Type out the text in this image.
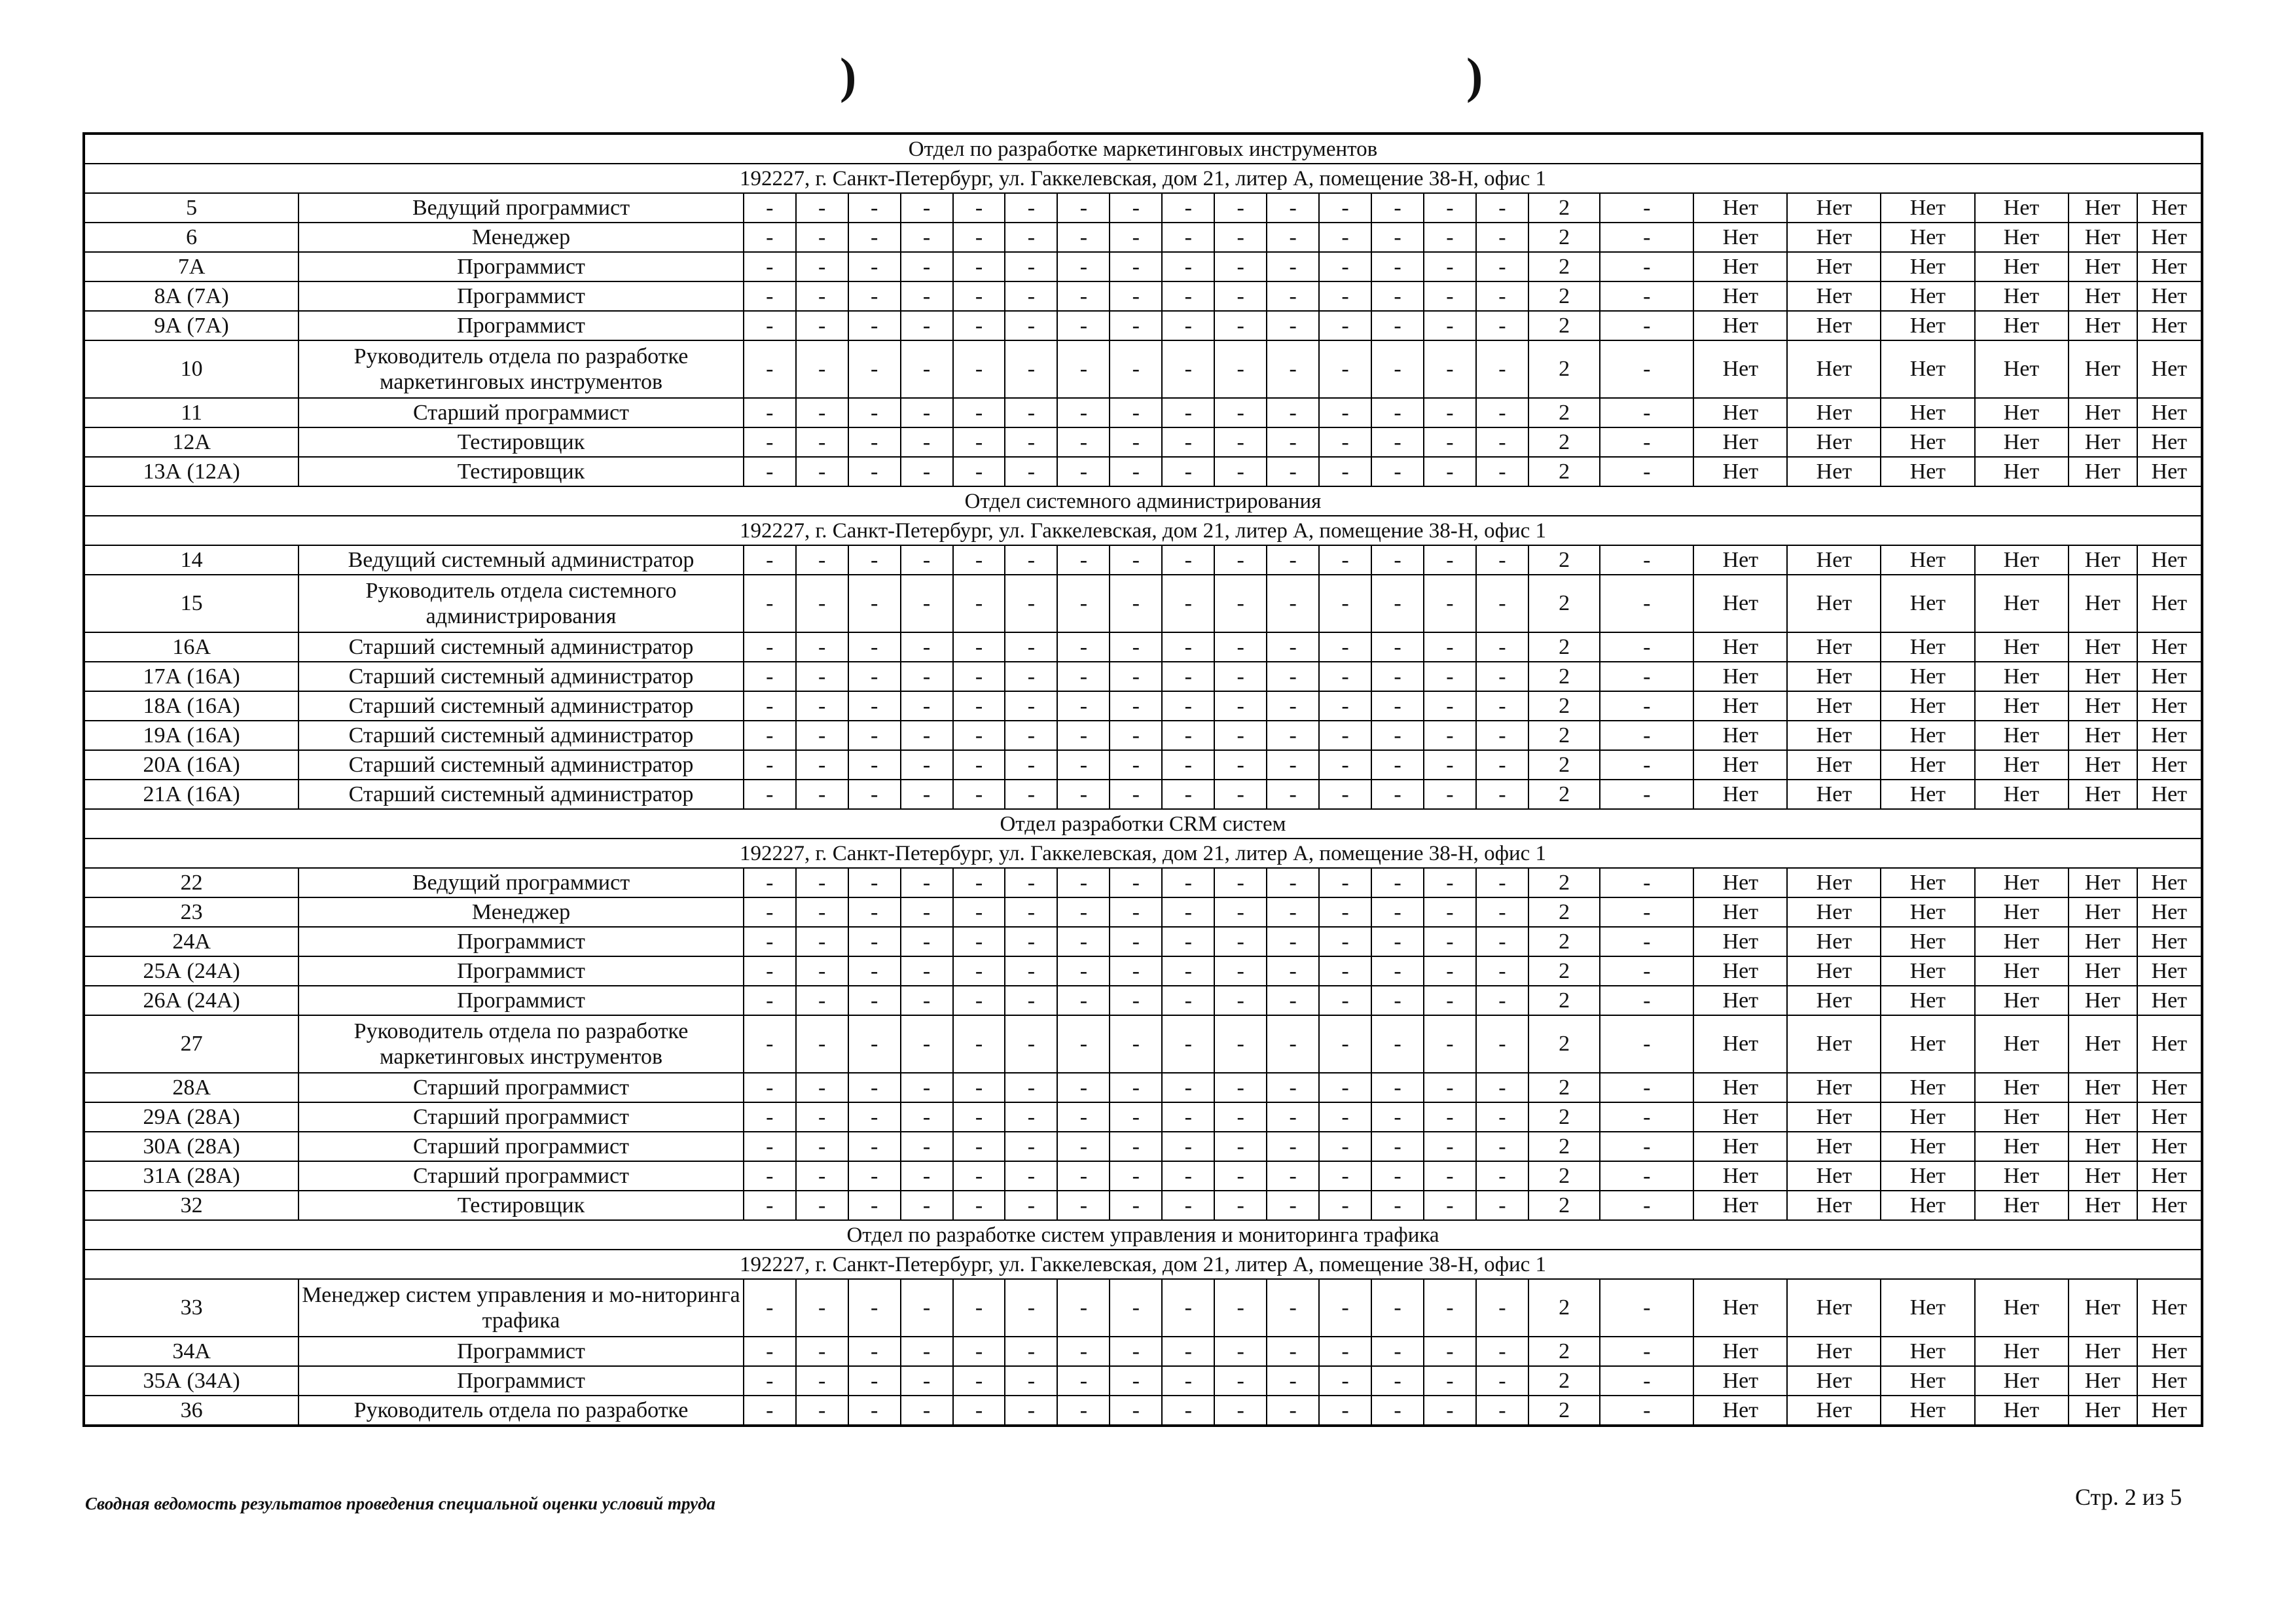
)	)
Отдел по разработке маркетинговых инструментов																								
192227, г. Санкт-Петербург, ул. Гаккелевская, дом 21, литер А, помещение 38-Н, офис 1																								
5	Ведущий программист	-	-	-	-	-	-	-	-	-	-	-	-	-	-	-	2	-	Нет	Нет	Нет	Нет	Нет	Нет
6	Менеджер	-	-	-	-	-	-	-	-	-	-	-	-	-	-	-	2	-	Нет	Нет	Нет	Нет	Нет	Нет
7А	Программист	-	-	-	-	-	-	-	-	-	-	-	-	-	-	-	2	-	Нет	Нет	Нет	Нет	Нет	Нет
8А (7А)	Программист	-	-	-	-	-	-	-	-	-	-	-	-	-	-	-	2	-	Нет	Нет	Нет	Нет	Нет	Нет
9А (7А)	Программист	-	-	-	-	-	-	-	-	-	-	-	-	-	-	-	2	-	Нет	Нет	Нет	Нет	Нет	Нет
10	Руководитель отдела по разработке маркетинговых инструментов	-	-	-	-	-	-	-	-	-	-	-	-	-	-	-	2	-	Нет	Нет	Нет	Нет	Нет	Нет
11	Старший программист	-	-	-	-	-	-	-	-	-	-	-	-	-	-	-	2	-	Нет	Нет	Нет	Нет	Нет	Нет
12А	Тестировщик	-	-	-	-	-	-	-	-	-	-	-	-	-	-	-	2	-	Нет	Нет	Нет	Нет	Нет	Нет
13А (12А)	Тестировщик	-	-	-	-	-	-	-	-	-	-	-	-	-	-	-	2	-	Нет	Нет	Нет	Нет	Нет	Нет
Отдел системного администрирования																								
192227, г. Санкт-Петербург, ул. Гаккелевская, дом 21, литер А, помещение 38-Н, офис 1																								
14	Ведущий системный администратор	-	-	-	-	-	-	-	-	-	-	-	-	-	-	-	2	-	Нет	Нет	Нет	Нет	Нет	Нет
15	Руководитель отдела системного администрирования	-	-	-	-	-	-	-	-	-	-	-	-	-	-	-	2	-	Нет	Нет	Нет	Нет	Нет	Нет
16А	Старший системный администратор	-	-	-	-	-	-	-	-	-	-	-	-	-	-	-	2	-	Нет	Нет	Нет	Нет	Нет	Нет
17А (16А)	Старший системный администратор	-	-	-	-	-	-	-	-	-	-	-	-	-	-	-	2	-	Нет	Нет	Нет	Нет	Нет	Нет
18А (16А)	Старший системный администратор	-	-	-	-	-	-	-	-	-	-	-	-	-	-	-	2	-	Нет	Нет	Нет	Нет	Нет	Нет
19А (16А)	Старший системный администратор	-	-	-	-	-	-	-	-	-	-	-	-	-	-	-	2	-	Нет	Нет	Нет	Нет	Нет	Нет
20А (16А)	Старший системный администратор	-	-	-	-	-	-	-	-	-	-	-	-	-	-	-	2	-	Нет	Нет	Нет	Нет	Нет	Нет
21А (16А)	Старший системный администратор	-	-	-	-	-	-	-	-	-	-	-	-	-	-	-	2	-	Нет	Нет	Нет	Нет	Нет	Нет
Отдел разработки CRM систем																								
192227, г. Санкт-Петербург, ул. Гаккелевская, дом 21, литер А, помещение 38-Н, офис 1																								
22	Ведущий программист	-	-	-	-	-	-	-	-	-	-	-	-	-	-	-	2	-	Нет	Нет	Нет	Нет	Нет	Нет
23	Менеджер	-	-	-	-	-	-	-	-	-	-	-	-	-	-	-	2	-	Нет	Нет	Нет	Нет	Нет	Нет
24А	Программист	-	-	-	-	-	-	-	-	-	-	-	-	-	-	-	2	-	Нет	Нет	Нет	Нет	Нет	Нет
25А (24А)	Программист	-	-	-	-	-	-	-	-	-	-	-	-	-	-	-	2	-	Нет	Нет	Нет	Нет	Нет	Нет
26А (24А)	Программист	-	-	-	-	-	-	-	-	-	-	-	-	-	-	-	2	-	Нет	Нет	Нет	Нет	Нет	Нет
27	Руководитель отдела по разработке маркетинговых инструментов	-	-	-	-	-	-	-	-	-	-	-	-	-	-	-	2	-	Нет	Нет	Нет	Нет	Нет	Нет
28А	Старший программист	-	-	-	-	-	-	-	-	-	-	-	-	-	-	-	2	-	Нет	Нет	Нет	Нет	Нет	Нет
29А (28А)	Старший программист	-	-	-	-	-	-	-	-	-	-	-	-	-	-	-	2	-	Нет	Нет	Нет	Нет	Нет	Нет
30А (28А)	Старший программист	-	-	-	-	-	-	-	-	-	-	-	-	-	-	-	2	-	Нет	Нет	Нет	Нет	Нет	Нет
31А (28А)	Старший программист	-	-	-	-	-	-	-	-	-	-	-	-	-	-	-	2	-	Нет	Нет	Нет	Нет	Нет	Нет
32	Тестировщик	-	-	-	-	-	-	-	-	-	-	-	-	-	-	-	2	-	Нет	Нет	Нет	Нет	Нет	Нет
Отдел по разработке систем управления и мониторинга трафика																								
192227, г. Санкт-Петербург, ул. Гаккелевская, дом 21, литер А, помещение 38-Н, офис 1																								
33	Менеджер систем управления и мо-ниторинга трафика	-	-	-	-	-	-	-	-	-	-	-	-	-	-	-	2	-	Нет	Нет	Нет	Нет	Нет	Нет
34А	Программист	-	-	-	-	-	-	-	-	-	-	-	-	-	-	-	2	-	Нет	Нет	Нет	Нет	Нет	Нет
35А (34А)	Программист	-	-	-	-	-	-	-	-	-	-	-	-	-	-	-	2	-	Нет	Нет	Нет	Нет	Нет	Нет
36	Руководитель отдела по разработке	-	-	-	-	-	-	-	-	-	-	-	-	-	-	-	2	-	Нет	Нет	Нет	Нет	Нет	Нет
Сводная ведомость результатов проведения специальной оценки условий труда	Стр. 2 из 5
